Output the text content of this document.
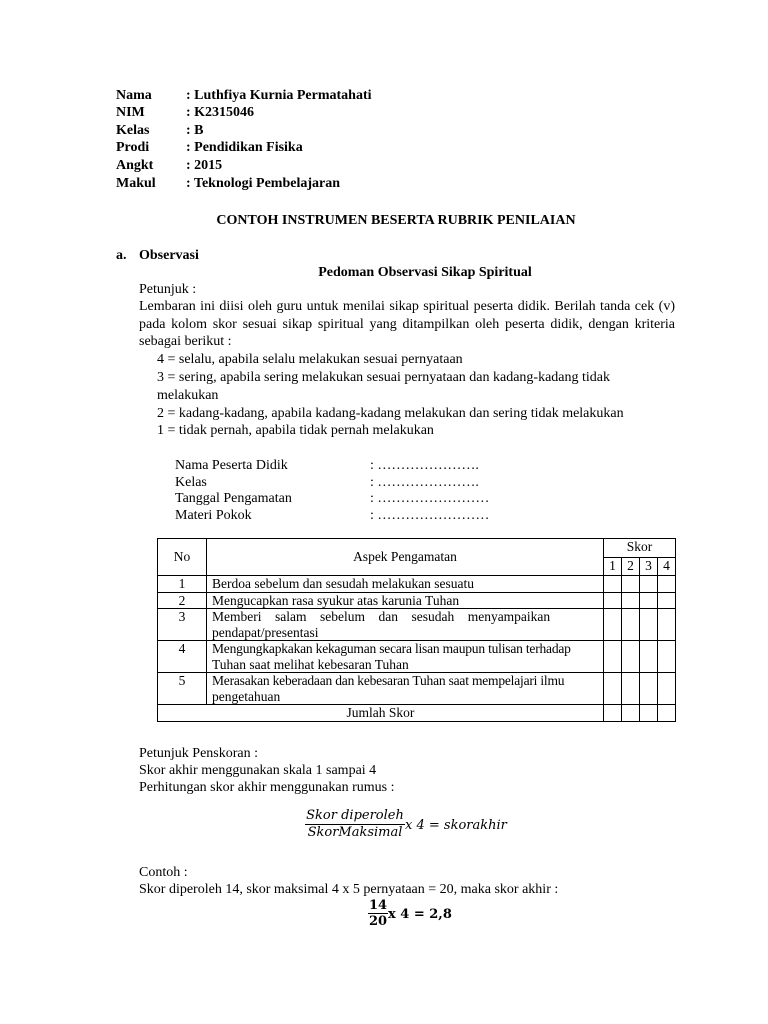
Nama : Luthfiya Kurnia Permatahati
NIM	: K2315046
Kelas	: B
Prodi	: Pendidikan Fisika
Angkt : 2015
Makul : Teknologi Pembelajaran
CONTOH INSTRUMEN BESERTA RUBRIK PENILAIAN
a. Observasi
Pedoman Observasi Sikap Spiritual
Petunjuk :
Lembaran ini diisi oleh guru untuk menilai sikap spiritual peserta didik. Berilah tanda cek (v)
pada kolom skor sesuai sikap spiritual yang ditampilkan oleh peserta didik, dengan kriteria
sebagai berikut :
4 = selalu, apabila selalu melakukan sesuai pernyataan
3 = sering, apabila sering melakukan sesuai pernyataan dan kadang-kadang tidak
melakukan
2 = kadang-kadang, apabila kadang-kadang melakukan dan sering tidak melakukan
1 = tidak pernah, apabila tidak pernah melakukan
Nama Peserta Didik	: ………………….
Kelas	: ………………….
Tanggal Pengamatan	: ……………………
Materi Pokok	: ……………………
No	Aspek Pengamatan	Skor			
		1	2	3	4
1	Berdoa sebelum dan sesudah melakukan sesuatu				
2	Mengucapkan rasa syukur atas karunia Tuhan				
3	Memberi    salam    sebelum    dan    sesudah    menyampaikan
pendapat/presentasi				

4	Mengungkapkakan kekaguman secara lisan maupun tulisan terhadap
Tuhan saat melihat kebesaran Tuhan				

5	Merasakan keberadaan dan kebesaran Tuhan saat mempelajari ilmu
pengetahuan				

Jumlah Skor					
Petunjuk Penskoran :
Skor akhir menggunakan skala 1 sampai 4
Perhitungan skor akhir menggunakan rumus :
Skor diperoleh
SkorMaksimal x 4 = skorakhir
Contoh :
Skor diperoleh 14, skor maksimal 4 x 5 pernyataan = 20, maka skor akhir :
14
20 x 4 = 2,8
